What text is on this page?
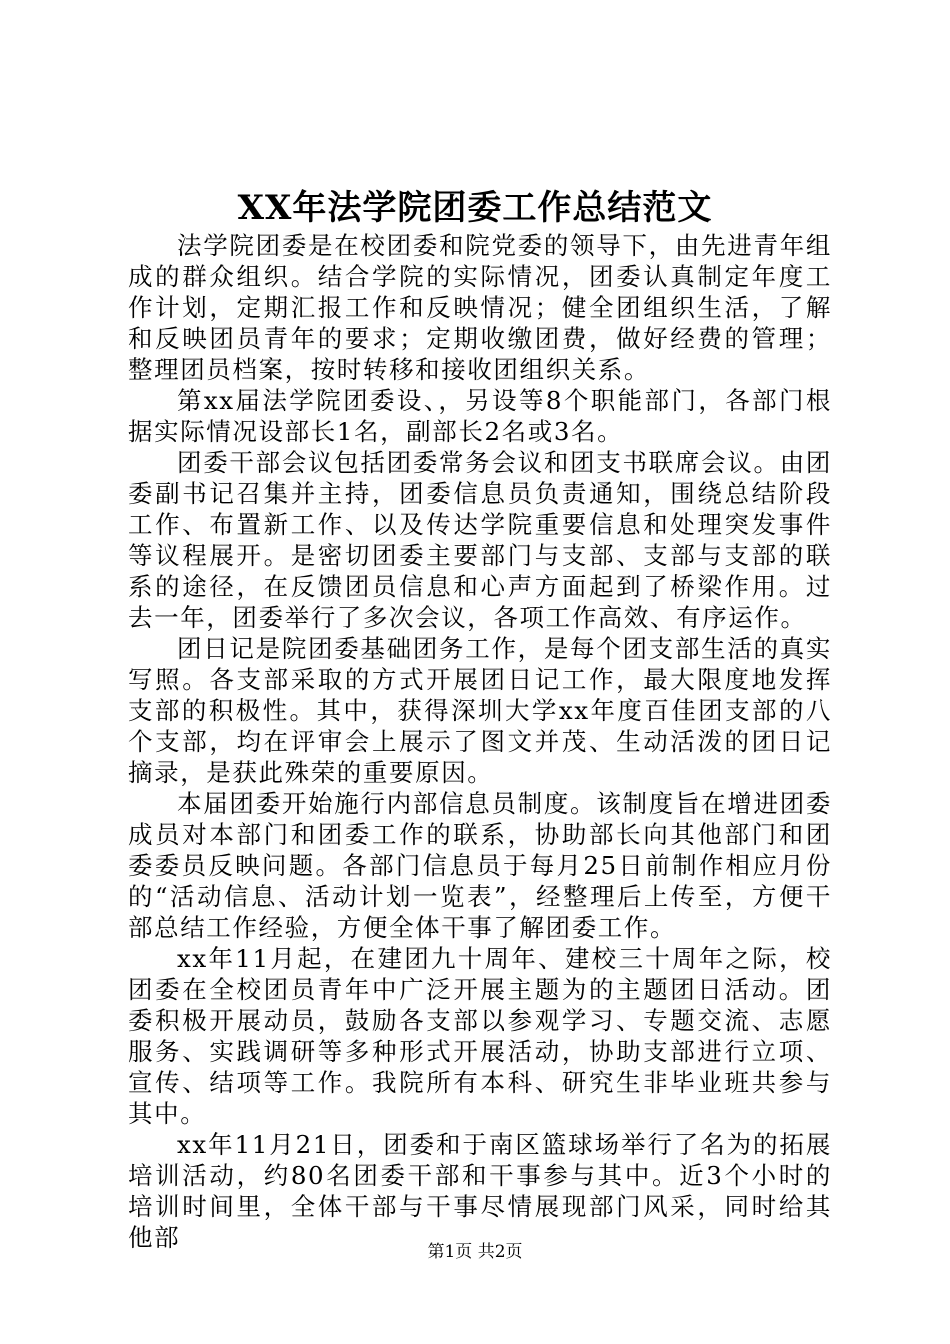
XX年法学院团委工作总结范文

法学院团委是在校团委和院党委的领导下，由先进青年组成的群众组织。结合学院的实际情况，团委认真制定年度工作计划，定期汇报工作和反映情况；健全团组织生活，了解和反映团员青年的要求；定期收缴团费，做好经费的管理；整理团员档案，按时转移和接收团组织关系。

第xx届法学院团委设、，另设等8个职能部门，各部门根据实际情况设部长1名，副部长2名或3名。

团委干部会议包括团委常务会议和团支书联席会议。由团委副书记召集并主持，团委信息员负责通知，围绕总结阶段工作、布置新工作、以及传达学院重要信息和处理突发事件等议程展开。是密切团委主要部门与支部、支部与支部的联系的途径，在反馈团员信息和心声方面起到了桥梁作用。过去一年，团委举行了多次会议，各项工作高效、有序运作。

团日记是院团委基础团务工作，是每个团支部生活的真实写照。各支部采取的方式开展团日记工作，最大限度地发挥支部的积极性。其中，获得深圳大学xx年度百佳团支部的八个支部，均在评审会上展示了图文并茂、生动活泼的团日记摘录，是获此殊荣的重要原因。

本届团委开始施行内部信息员制度。该制度旨在增进团委成员对本部门和团委工作的联系，协助部长向其他部门和团委委员反映问题。各部门信息员于每月25日前制作相应月份的“活动信息、活动计划一览表”，经整理后上传至，方便干部总结工作经验，方便全体干事了解团委工作。

xx年11月起，在建团九十周年、建校三十周年之际，校团委在全校团员青年中广泛开展主题为的主题团日活动。团委积极开展动员，鼓励各支部以参观学习、专题交流、志愿服务、实践调研等多种形式开展活动，协助支部进行立项、宣传、结项等工作。我院所有本科、研究生非毕业班共参与其中。

xx年11月21日，团委和于南区篮球场举行了名为的拓展培训活动，约80名团委干部和干事参与其中。近3个小时的培训时间里，全体干部与干事尽情展现部门风采，同时给其他部	第1页 共2页
